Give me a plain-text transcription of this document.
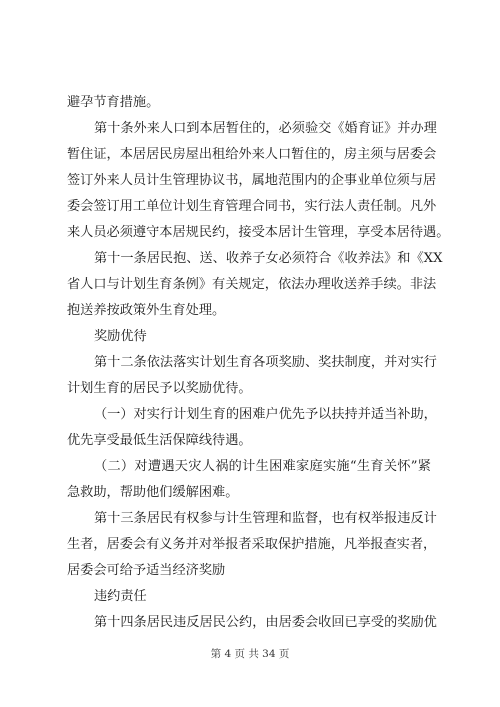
避孕节育措施。
第十条外来人口到本居暂住的，必须验交《婚育证》并办理
暂住证，本居居民房屋出租给外来人口暂住的，房主须与居委会
签订外来人员计生管理协议书，属地范围内的企事业单位须与居
委会签订用工单位计划生育管理合同书，实行法人责任制。凡外
来人员必须遵守本居规民约，接受本居计生管理，享受本居待遇。
第十一条居民抱、送、收养子女必须符合《收养法》和《XX
省人口与计划生育条例》有关规定，依法办理收送养手续。非法
抱送养按政策外生育处理。
奖励优待
第十二条依法落实计划生育各项奖励、奖扶制度，并对实行
计划生育的居民予以奖励优待。
（一）对实行计划生育的困难户优先予以扶持并适当补助，
优先享受最低生活保障线待遇。
（二）对遭遇天灾人祸的计生困难家庭实施“生育关怀”紧
急救助，帮助他们缓解困难。
第十三条居民有权参与计生管理和监督，也有权举报违反计
生者，居委会有义务并对举报者采取保护措施，凡举报查实者，
居委会可给予适当经济奖励
违约责任
第十四条居民违反居民公约，由居委会收回已享受的奖励优
第 4 页 共 34 页
